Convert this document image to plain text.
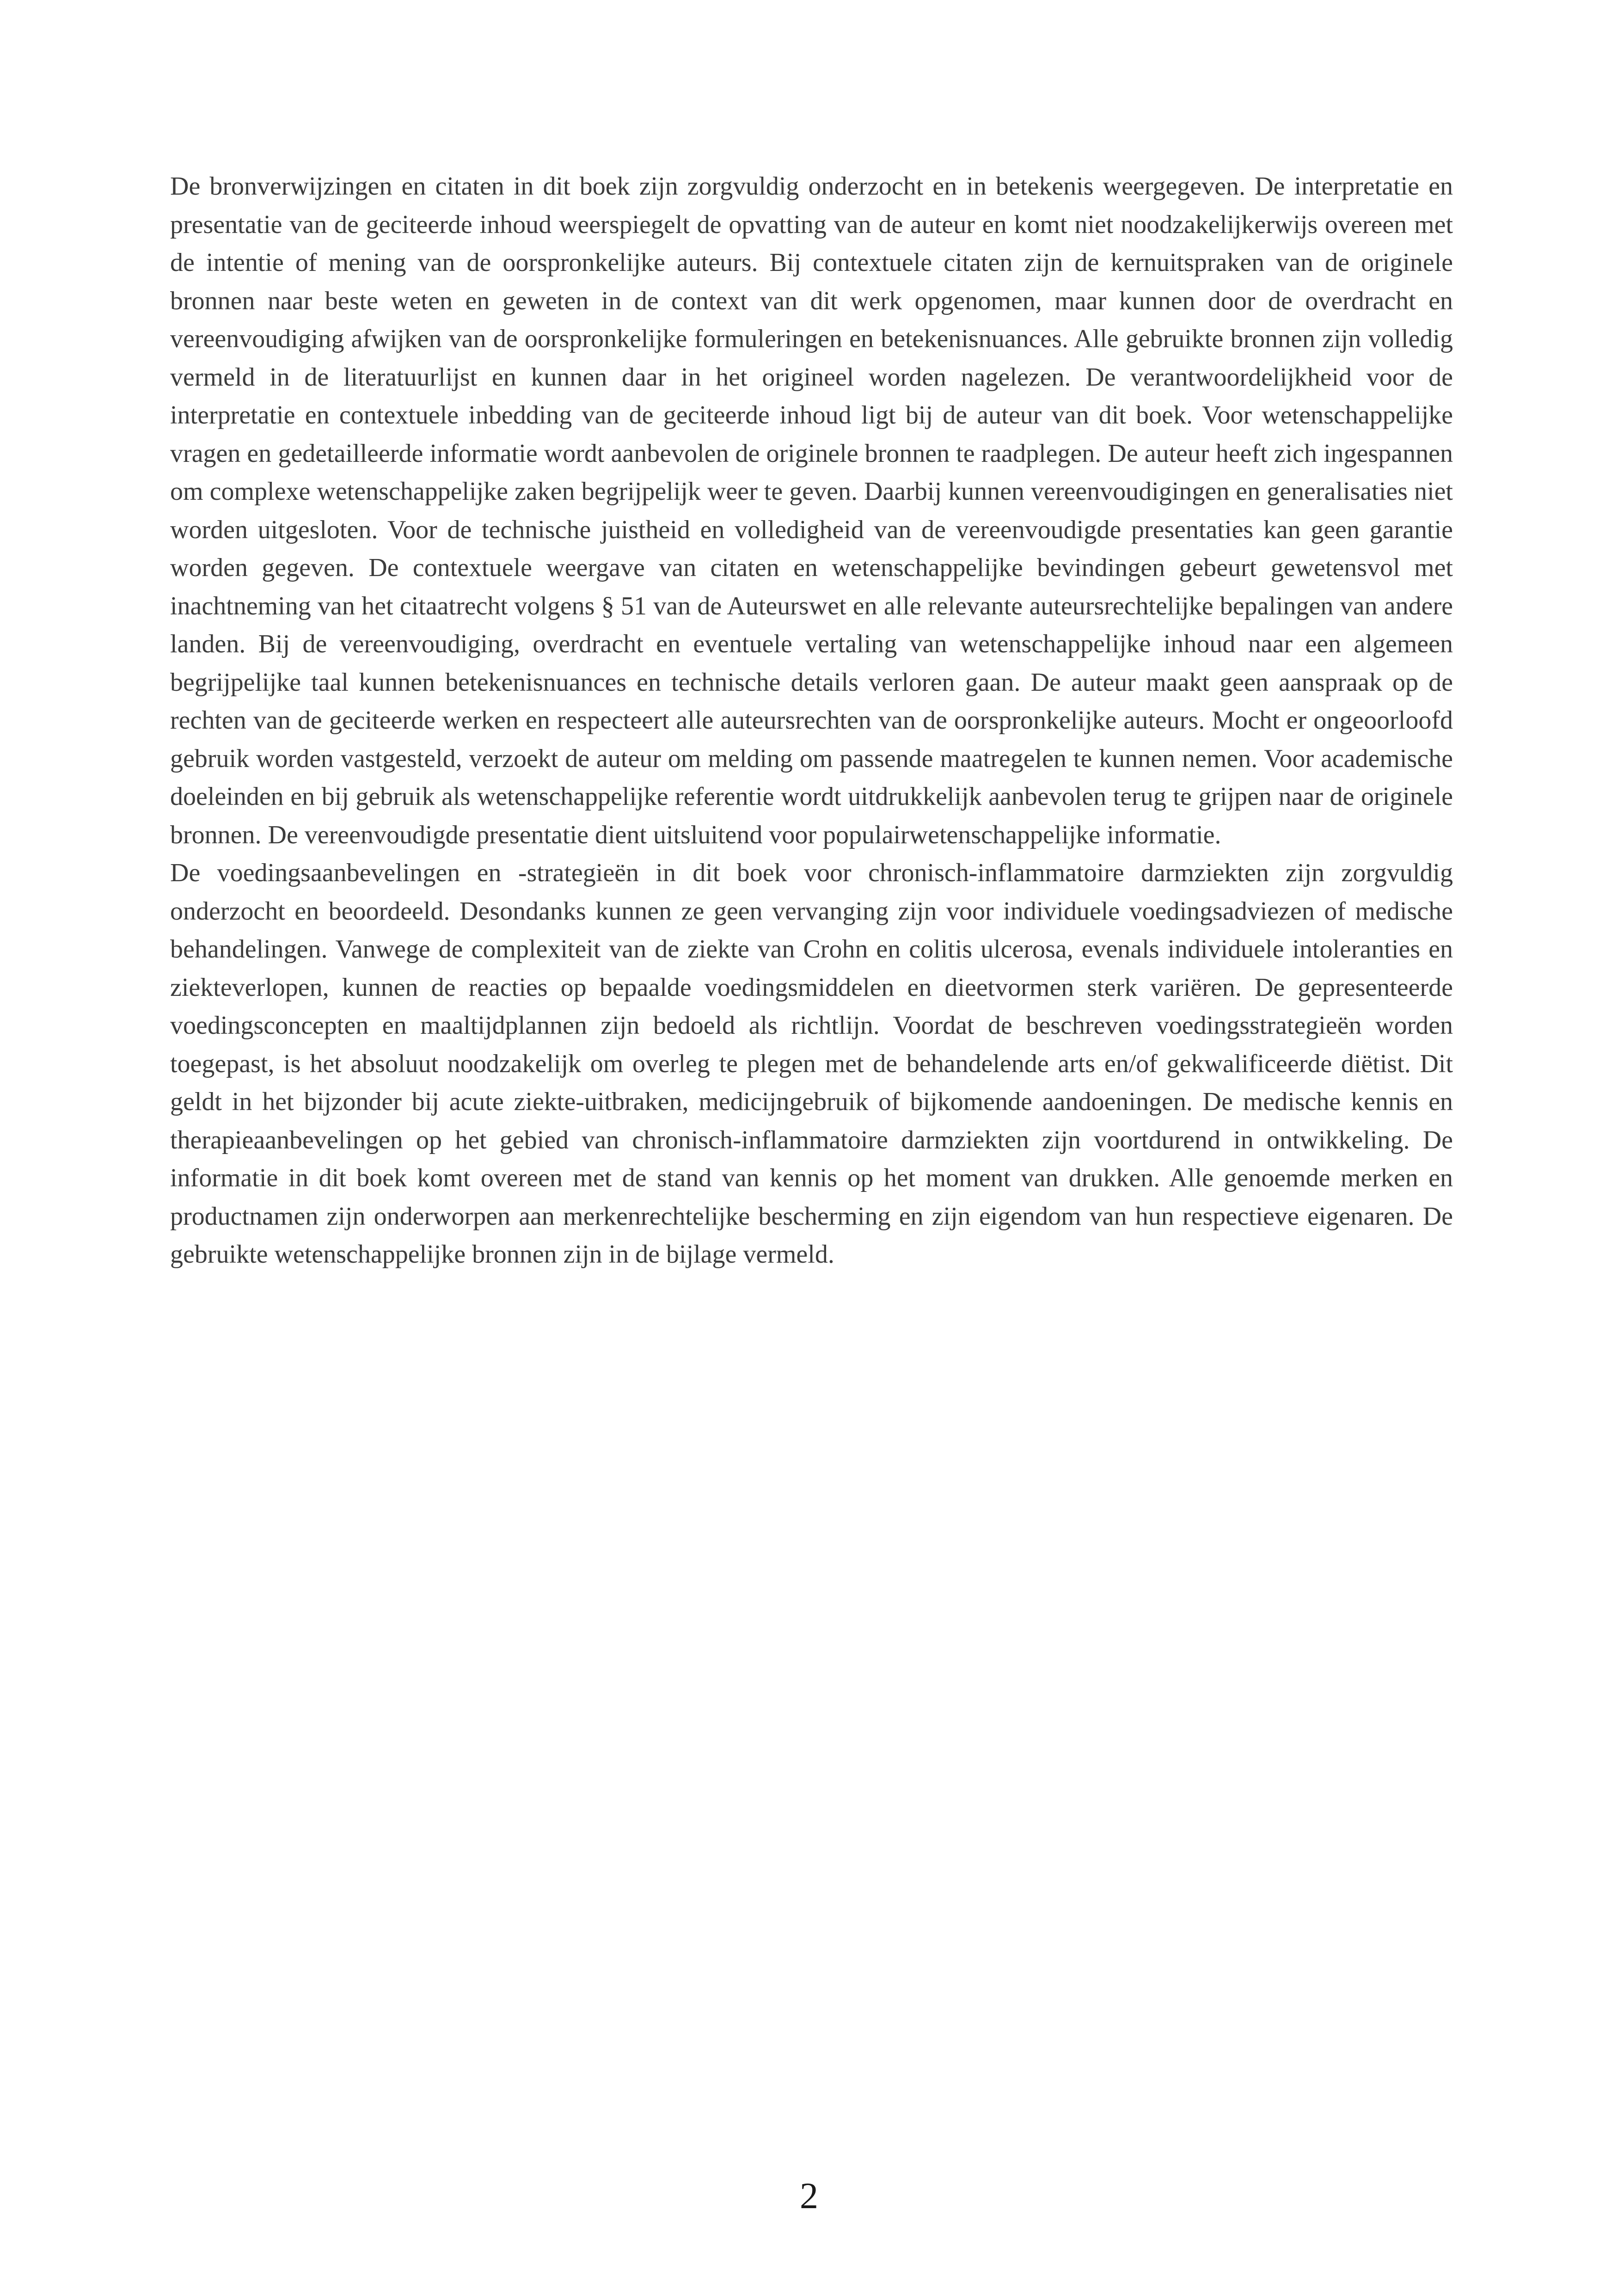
De bronverwijzingen en citaten in dit boek zijn zorgvuldig onderzocht en in betekenis weergegeven. De interpretatie en presentatie van de geciteerde inhoud weerspiegelt de opvatting van de auteur en komt niet noodzakelijkerwijs overeen met de intentie of mening van de oorspronkelijke auteurs. Bij contextuele citaten zijn de kernuitspraken van de originele bronnen naar beste weten en geweten in de context van dit werk opgenomen, maar kunnen door de overdracht en vereenvoudiging afwijken van de oorspronkelijke formuleringen en betekenisnuances. Alle gebruikte bronnen zijn volledig vermeld in de literatuurlijst en kunnen daar in het origineel worden nagelezen. De verantwoordelijkheid voor de interpretatie en contextuele inbedding van de geciteerde inhoud ligt bij de auteur van dit boek. Voor wetenschappelijke vragen en gedetailleerde informatie wordt aanbevolen de originele bronnen te raadplegen. De auteur heeft zich ingespannen om complexe wetenschappelijke zaken begrijpelijk weer te geven. Daarbij kunnen vereenvoudigingen en generalisaties niet worden uitgesloten. Voor de technische juistheid en volledigheid van de vereenvoudigde presentaties kan geen garantie worden gegeven. De contextuele weergave van citaten en wetenschappelijke bevindingen gebeurt gewetensvol met inachtneming van het citaatrecht volgens § 51 van de Auteurswet en alle relevante auteursrechtelijke bepalingen van andere landen. Bij de vereenvoudiging, overdracht en eventuele vertaling van wetenschappelijke inhoud naar een algemeen begrijpelijke taal kunnen betekenisnuances en technische details verloren gaan. De auteur maakt geen aanspraak op de rechten van de geciteerde werken en respecteert alle auteursrechten van de oorspronkelijke auteurs. Mocht er ongeoorloofd gebruik worden vastgesteld, verzoekt de auteur om melding om passende maatregelen te kunnen nemen. Voor academische doeleinden en bij gebruik als wetenschappelijke referentie wordt uitdrukkelijk aanbevolen terug te grijpen naar de originele bronnen. De vereenvoudigde presentatie dient uitsluitend voor populairwetenschappelijke informatie.

De voedingsaanbevelingen en -strategieën in dit boek voor chronisch-inflammatoire darmziekten zijn zorgvuldig onderzocht en beoordeeld. Desondanks kunnen ze geen vervanging zijn voor individuele voedingsadviezen of medische behandelingen. Vanwege de complexiteit van de ziekte van Crohn en colitis ulcerosa, evenals individuele intoleranties en ziekteverlopen, kunnen de reacties op bepaalde voedingsmiddelen en dieetvormen sterk variëren. De gepresenteerde voedingsconcepten en maaltijdplannen zijn bedoeld als richtlijn. Voordat de beschreven voedingsstrategieën worden toegepast, is het absoluut noodzakelijk om overleg te plegen met de behandelende arts en/of gekwalificeerde diëtist. Dit geldt in het bijzonder bij acute ziekte-uitbraken, medicijngebruik of bijkomende aandoeningen. De medische kennis en therapieaanbevelingen op het gebied van chronisch-inflammatoire darmziekten zijn voortdurend in ontwikkeling. De informatie in dit boek komt overeen met de stand van kennis op het moment van drukken. Alle genoemde merken en productnamen zijn onderworpen aan merkenrechtelijke bescherming en zijn eigendom van hun respectieve eigenaren. De gebruikte wetenschappelijke bronnen zijn in de bijlage vermeld.

2
